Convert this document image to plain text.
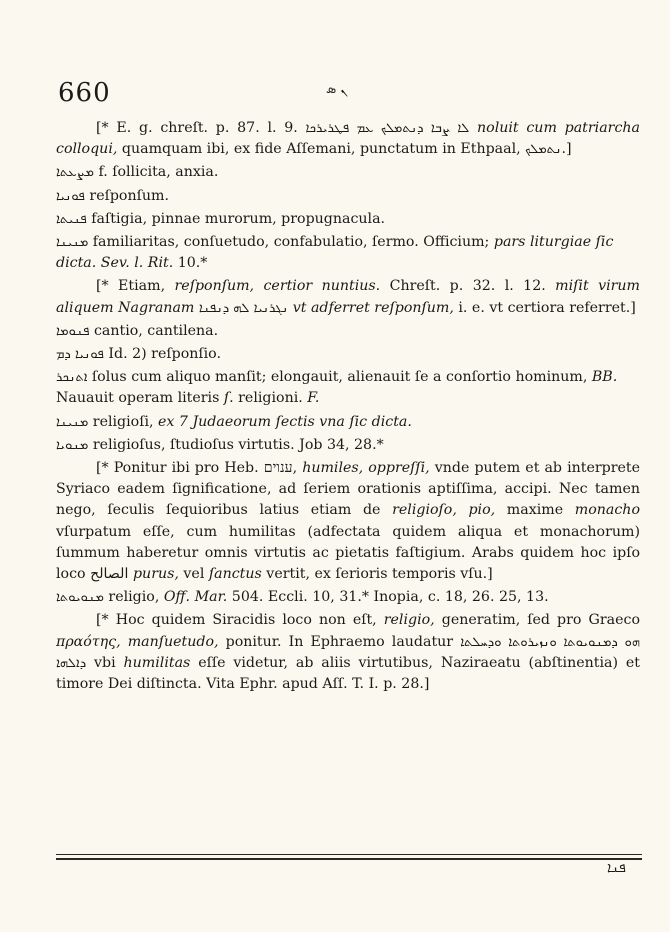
660	ܢ ܣ

[* E. g. chreſt. p. 87. l. 9. ܠܐ ܨܒܐ ܕܢܬܡܠܟ ܥܡ ܦܛܪܝܪܟܐ noluit cum patriarcha colloqui, quamquam ibi, ex fide Aſſemani, punctatum in Ethpaal, ܢܬܡܠܟ.]

ܡܨܥܬܐ f. ſollicita, anxia.

ܦܘܢܝܐ reſponſum.

ܦܢܝܬܐ faſtigia, pinnae murorum, propugnacula.

ܡܢܝܢܐ familiaritas, conſuetudo, confabulatio, ſermo. Officium; pars liturgiae ſic dicta. Sev. l. Rit. 10.*

[* Etiam, reſponſum, certior nuntius. Chreſt. p. 32. l. 12. miſit virum aliquem Nagranam ܢܓܪܢܝܐ ܠܗ ܕܢܦܢܐ vt adferret reſponſum, i. e. vt certiora referret.]

ܦܢܘܡܐ cantio, cantilena.

ܦܘܢܝܐ ܕܡ Id. 2) reſponſio.

ܐܬܢܟܪ ſolus cum aliquo manſit; elongauit, alienauit ſe a conſortio hominum, BB. Nauauit operam literis ſ. religioni. F.

ܡܢܝܢܐ religioſi, ex 7 Judaeorum ſectis vna ſic dicta.

ܡܢܘܝܐ religioſus, ſtudioſus virtutis. Job 34, 28.*

[* Ponitur ibi pro Heb. ענוים, humiles, oppreſſi, vnde putem et ab interprete Syriaco eadem ſignificatione, ad ſeriem orationis aptiſſima, accipi. Nec tamen nego, ſeculis ſequioribus latius etiam de religioſo, pio, maxime monacho vſurpatum eſſe, cum humilitas (adfectata quidem aliqua et monachorum) ſummum haberetur omnis virtutis ac pietatis faſtigium. Arabs quidem hoc ipſo loco الصالح purus, vel ſanctus vertit, ex ſerioris temporis vſu.]

ܡܢܘܝܘܬܐ religio, Off. Mar. 504. Eccli. 10, 31.* Inopia, c. 18, 26. 25, 13.

[* Hoc quidem Siracidis loco non eſt, religio, generatim, ſed pro Graeco πραότης, manſuetudo, ponitur. In Ephraemo laudatur ܗܘ ܕܡܢܘܝܘܬܐ ܘܢܙܝܪܘܬܐ ܘܕܚܠܬܐ ܕܐܠܗܐ vbi humilitas eſſe videtur, ab aliis virtutibus, Naziraeatu (abſtinentia) et timore Dei diſtincta. Vita Ephr. apud Aſſ. T. I. p. 28.]

ܦܢܐ
